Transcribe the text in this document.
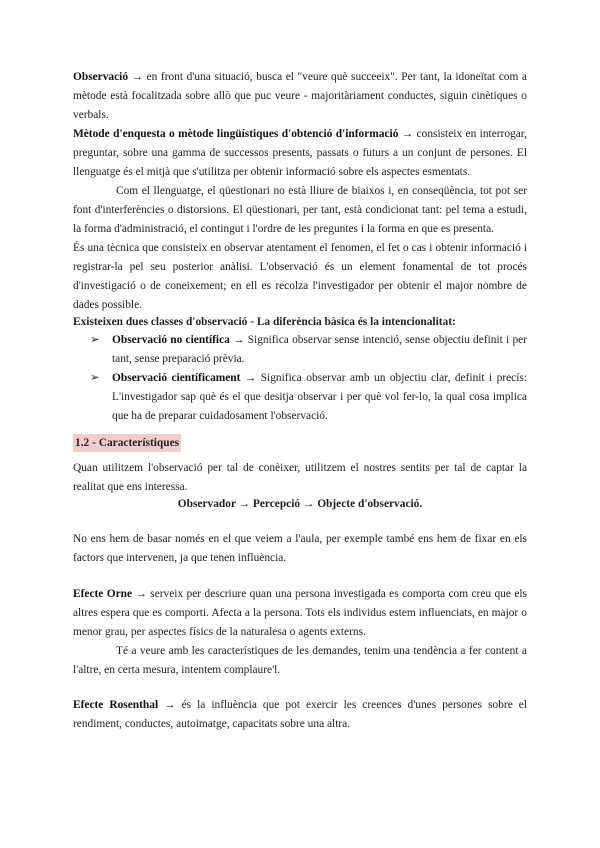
Observació → en front d'una situació, busca el "veure què succeeix". Per tant, la idoneïtat com a mètode està focalitzada sobre allò que puc veure - majoritàriament conductes, siguin cinètiques o verbals.
Mètode d'enquesta o mètode lingüístiques d'obtenció d'informació → consisteix en interrogar, preguntar, sobre una gamma de successos presents, passats o futurs a un conjunt de persones. El llenguatge és el mitjà que s'utilitza per obtenir informació sobre els aspectes esmentats.
Com el llenguatge, el qüestionari no està lliure de biaixos i, en conseqüència, tot pot ser font d'interferències o distorsions. El qüestionari, per tant, està condicionat tant: pel tema a estudi, la forma d'administració, el contingut i l'ordre de les preguntes i la forma en que es presenta.
És una tècnica que consisteix en observar atentament el fenomen, el fet o cas i obtenir informació i registrar-la pel seu posterior anàlisi. L'observació és un element fonamental de tot procés d'investigació o de coneixement; en ell es recolza l'investigador per obtenir el major nombre de dades possible.
Existeixen dues classes d'observació - La diferència bàsica és la intencionalitat:
➢ Observació no científica → Significa observar sense intenció, sense objectiu definit i per tant, sense preparació prèvia.
➢ Observació científicament → Significa observar amb un objectiu clar, definit i precís: L'investigador sap què és el que desitja observar i per què vol fer-lo, la qual cosa implica que ha de preparar cuidadosament l'observació.
1.2 - Característiques
Quan utilitzem l'observació per tal de conèixer, utilitzem el nostres sentits per tal de captar la realitat que ens interessa.
Observador → Percepció → Objecte d'observació.
No ens hem de basar només en el que veiem a l'aula, per exemple també ens hem de fixar en els factors que intervenen, ja que tenen influència.
Efecte Orne → serveix per descriure quan una persona investigada es comporta com creu que els altres espera que es comporti. Afecta a la persona. Tots els individus estem influenciats, en major o menor grau, per aspectes físics de la naturalesa o agents externs.
Té a veure amb les característiques de les demandes, tenim una tendència a fer content a l'altre, en certa mesura, intentem complaure'l.
Efecte Rosenthal → és la influència que pot exercir les creences d'unes persones sobre el rendiment, conductes, autoimatge, capacitats sobre una altra.
